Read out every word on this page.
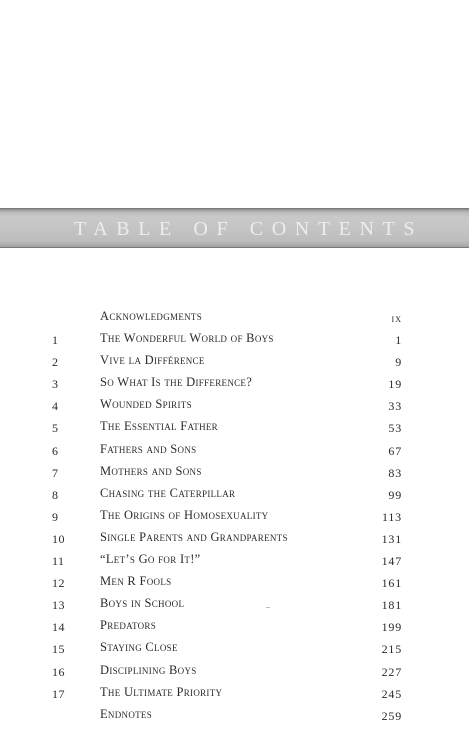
TABLE OF CONTENTS
Acknowledgments	ix
1	The Wonderful World of Boys	1
2	Vive la Différence	9
3	So What Is the Difference?	19
4	Wounded Spirits	33
5	The Essential Father	53
6	Fathers and Sons	67
7	Mothers and Sons	83
8	Chasing the Caterpillar	99
9	The Origins of Homosexuality	113
10	Single Parents and Grandparents	131
11	“Let’s Go for It!”	147
12	Men R Fools	161
13	Boys in School	181
14	Predators	199
15	Staying Close	215
16	Disciplining Boys	227
17	The Ultimate Priority	245
Endnotes	259
